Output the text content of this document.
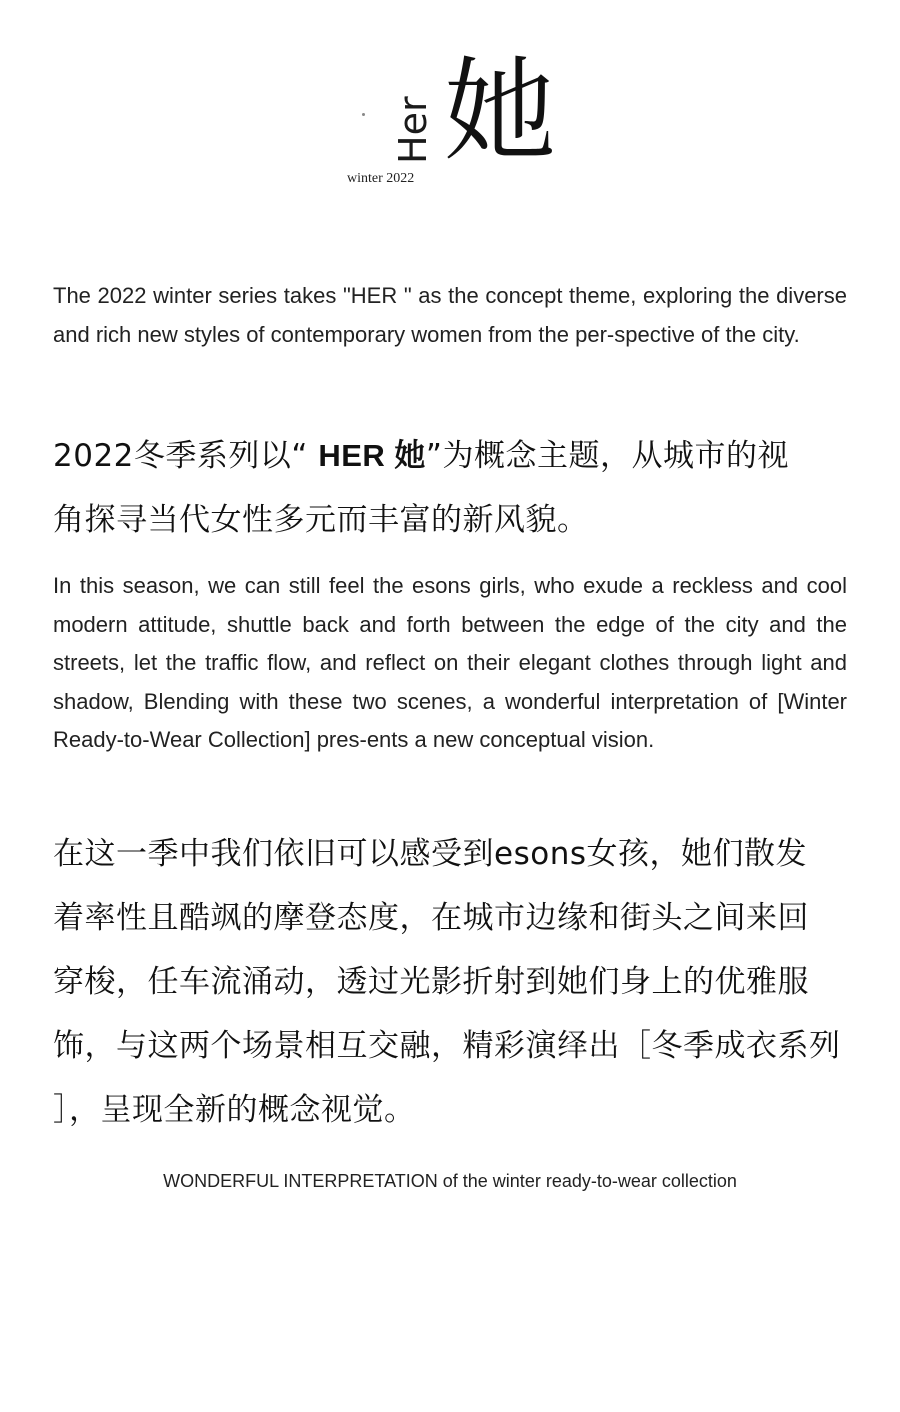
Her 她
winter 2022

The 2022 winter series takes "HER " as the concept theme, exploring the diverse and rich new styles of contemporary women from the per-spective of the city.

2022冬季系列以“ HER 她”为概念主题，从城市的视
角探寻当代女性多元而丰富的新风貌。

In this season, we can still feel the esons girls, who exude a reckless and cool modern attitude, shuttle back and forth between the edge of the city and the streets, let the traffic flow, and reflect on their elegant clothes through light and shadow, Blending with these two scenes, a wonderful interpretation of [Winter Ready-to-Wear Collection] pres-ents a new conceptual vision.

在这一季中我们依旧可以感受到esons女孩，她们散发
着率性且酷飒的摩登态度，在城市边缘和街头之间来回
穿梭，任车流涌动，透过光影折射到她们身上的优雅服
饰，与这两个场景相互交融，精彩演绎出［冬季成衣系列
］，呈现全新的概念视觉。

WONDERFUL INTERPRETATION of the winter ready-to-wear collection
